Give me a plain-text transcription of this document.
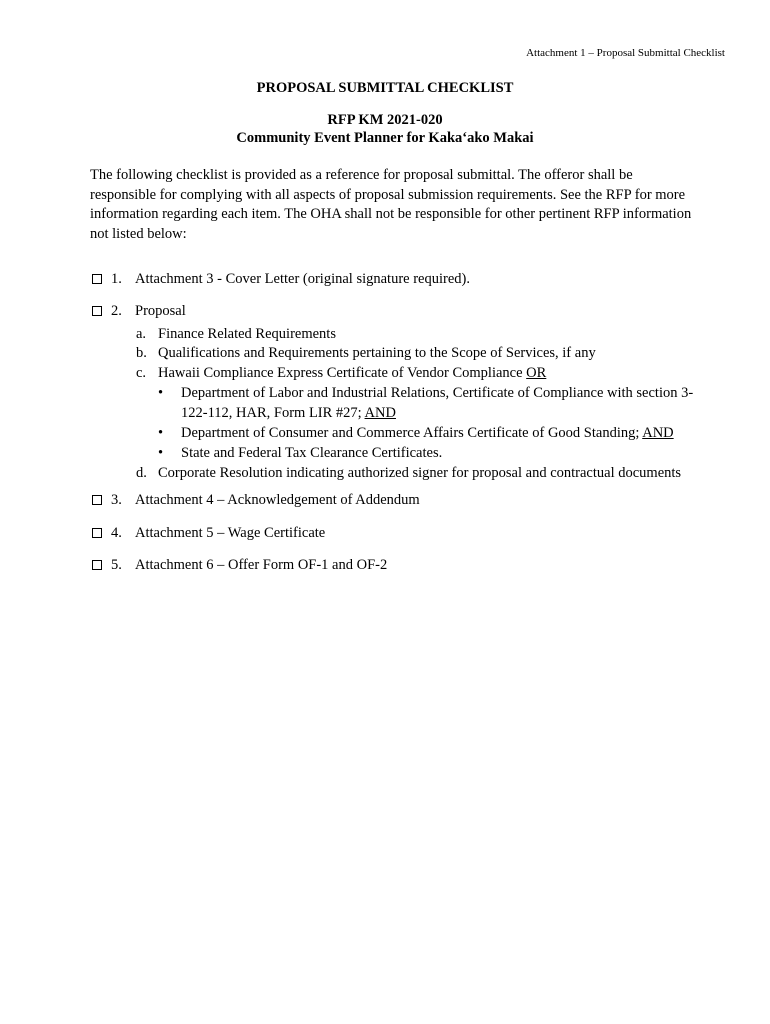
Attachment 1 – Proposal Submittal Checklist
PROPOSAL SUBMITTAL CHECKLIST
RFP KM 2021-020
Community Event Planner for Kaka‘ako Makai
The following checklist is provided as a reference for proposal submittal. The offeror shall be
responsible for complying with all aspects of proposal submission requirements. See the RFP for more
information regarding each item. The OHA shall not be responsible for other pertinent RFP information
not listed below:
1. Attachment 3 - Cover Letter (original signature required).
2. Proposal
a. Finance Related Requirements
b. Qualifications and Requirements pertaining to the Scope of Services, if any
c. Hawaii Compliance Express Certificate of Vendor Compliance OR
• Department of Labor and Industrial Relations, Certificate of Compliance with section 3-
122-112, HAR, Form LIR #27; AND
• Department of Consumer and Commerce Affairs Certificate of Good Standing; AND
• State and Federal Tax Clearance Certificates.
d. Corporate Resolution indicating authorized signer for proposal and contractual documents
3. Attachment 4 – Acknowledgement of Addendum
4. Attachment 5 – Wage Certificate
5. Attachment 6 – Offer Form OF-1 and OF-2
